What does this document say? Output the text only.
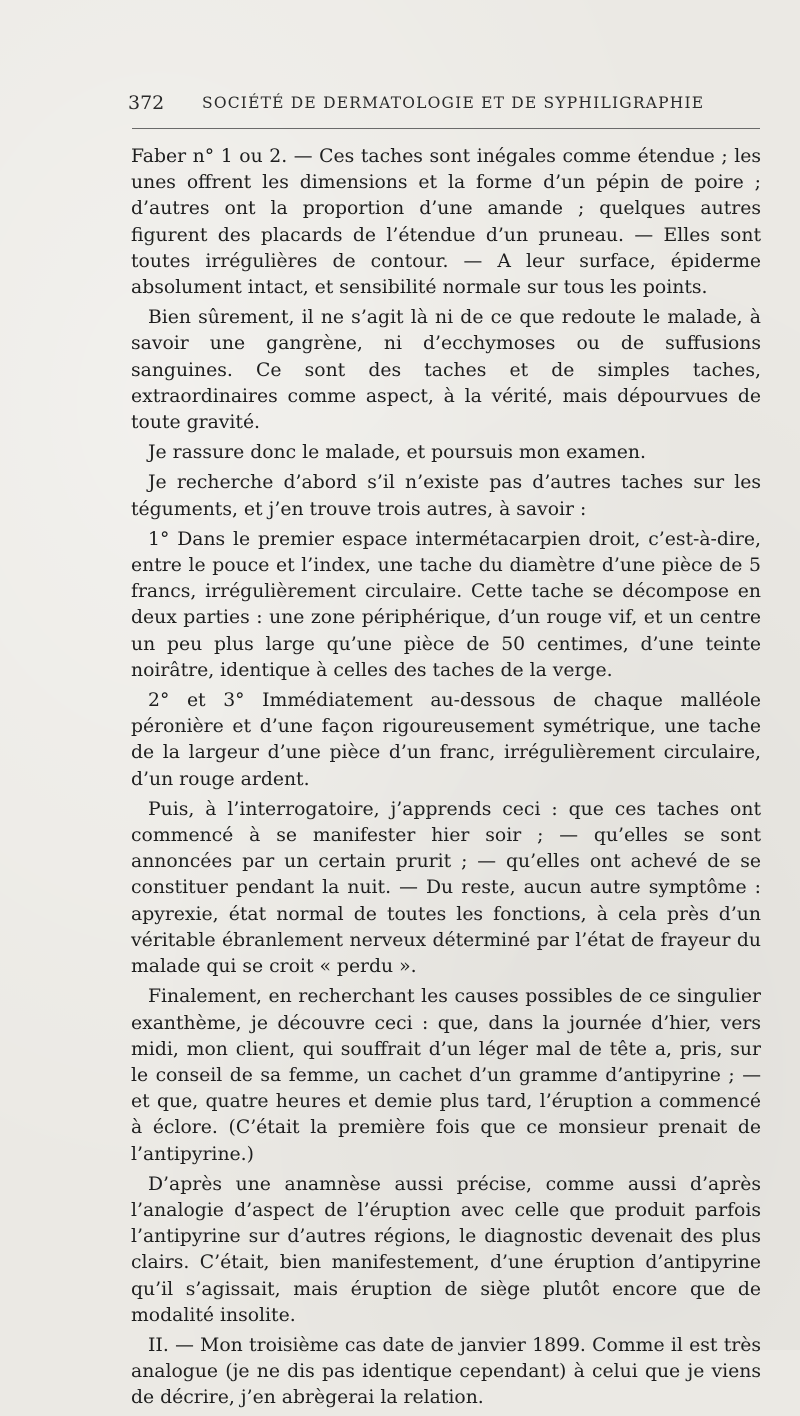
372 SOCIÉTÉ DE DERMATOLOGIE ET DE SYPHILIGRAPHIE

Faber n° 1 ou 2. — Ces taches sont inégales comme étendue ; les unes offrent les dimensions et la forme d’un pépin de poire ; d’autres ont la proportion d’une amande ; quelques autres figurent des placards de l’étendue d’un pruneau. — Elles sont toutes irrégulières de contour. — A leur surface, épiderme absolument intact, et sensibilité normale sur tous les points.

Bien sûrement, il ne s’agit là ni de ce que redoute le malade, à savoir une gangrène, ni d’ecchymoses ou de suffusions sanguines. Ce sont des taches et de simples taches, extraordinaires comme aspect, à la vérité, mais dépourvues de toute gravité.

Je rassure donc le malade, et poursuis mon examen.

Je recherche d’abord s’il n’existe pas d’autres taches sur les téguments, et j’en trouve trois autres, à savoir :

1° Dans le premier espace intermétacarpien droit, c’est-à-dire, entre le pouce et l’index, une tache du diamètre d’une pièce de 5 francs, irrégulièrement circulaire. Cette tache se décompose en deux parties : une zone périphérique, d’un rouge vif, et un centre un peu plus large qu’une pièce de 50 centimes, d’une teinte noirâtre, identique à celles des taches de la verge.

2° et 3° Immédiatement au-dessous de chaque malléole péronière et d’une façon rigoureusement symétrique, une tache de la largeur d’une pièce d’un franc, irrégulièrement circulaire, d’un rouge ardent.

Puis, à l’interrogatoire, j’apprends ceci : que ces taches ont commencé à se manifester hier soir ; — qu’elles se sont annoncées par un certain prurit ; — qu’elles ont achevé de se constituer pendant la nuit. — Du reste, aucun autre symptôme : apyrexie, état normal de toutes les fonctions, à cela près d’un véritable ébranlement nerveux déterminé par l’état de frayeur du malade qui se croit « perdu ».

Finalement, en recherchant les causes possibles de ce singulier exanthème, je découvre ceci : que, dans la journée d’hier, vers midi, mon client, qui souffrait d’un léger mal de tête a, pris, sur le conseil de sa femme, un cachet d’un gramme d’antipyrine ; — et que, quatre heures et demie plus tard, l’éruption a commencé à éclore. (C’était la première fois que ce monsieur prenait de l’antipyrine.)

D’après une anamnèse aussi précise, comme aussi d’après l’analogie d’aspect de l’éruption avec celle que produit parfois l’antipyrine sur d’autres régions, le diagnostic devenait des plus clairs. C’était, bien manifestement, d’une éruption d’antipyrine qu’il s’agissait, mais éruption de siège plutôt encore que de modalité insolite.

II. — Mon troisième cas date de janvier 1899. Comme il est très analogue (je ne dis pas identique cependant) à celui que je viens de décrire, j’en abrègerai la relation.
